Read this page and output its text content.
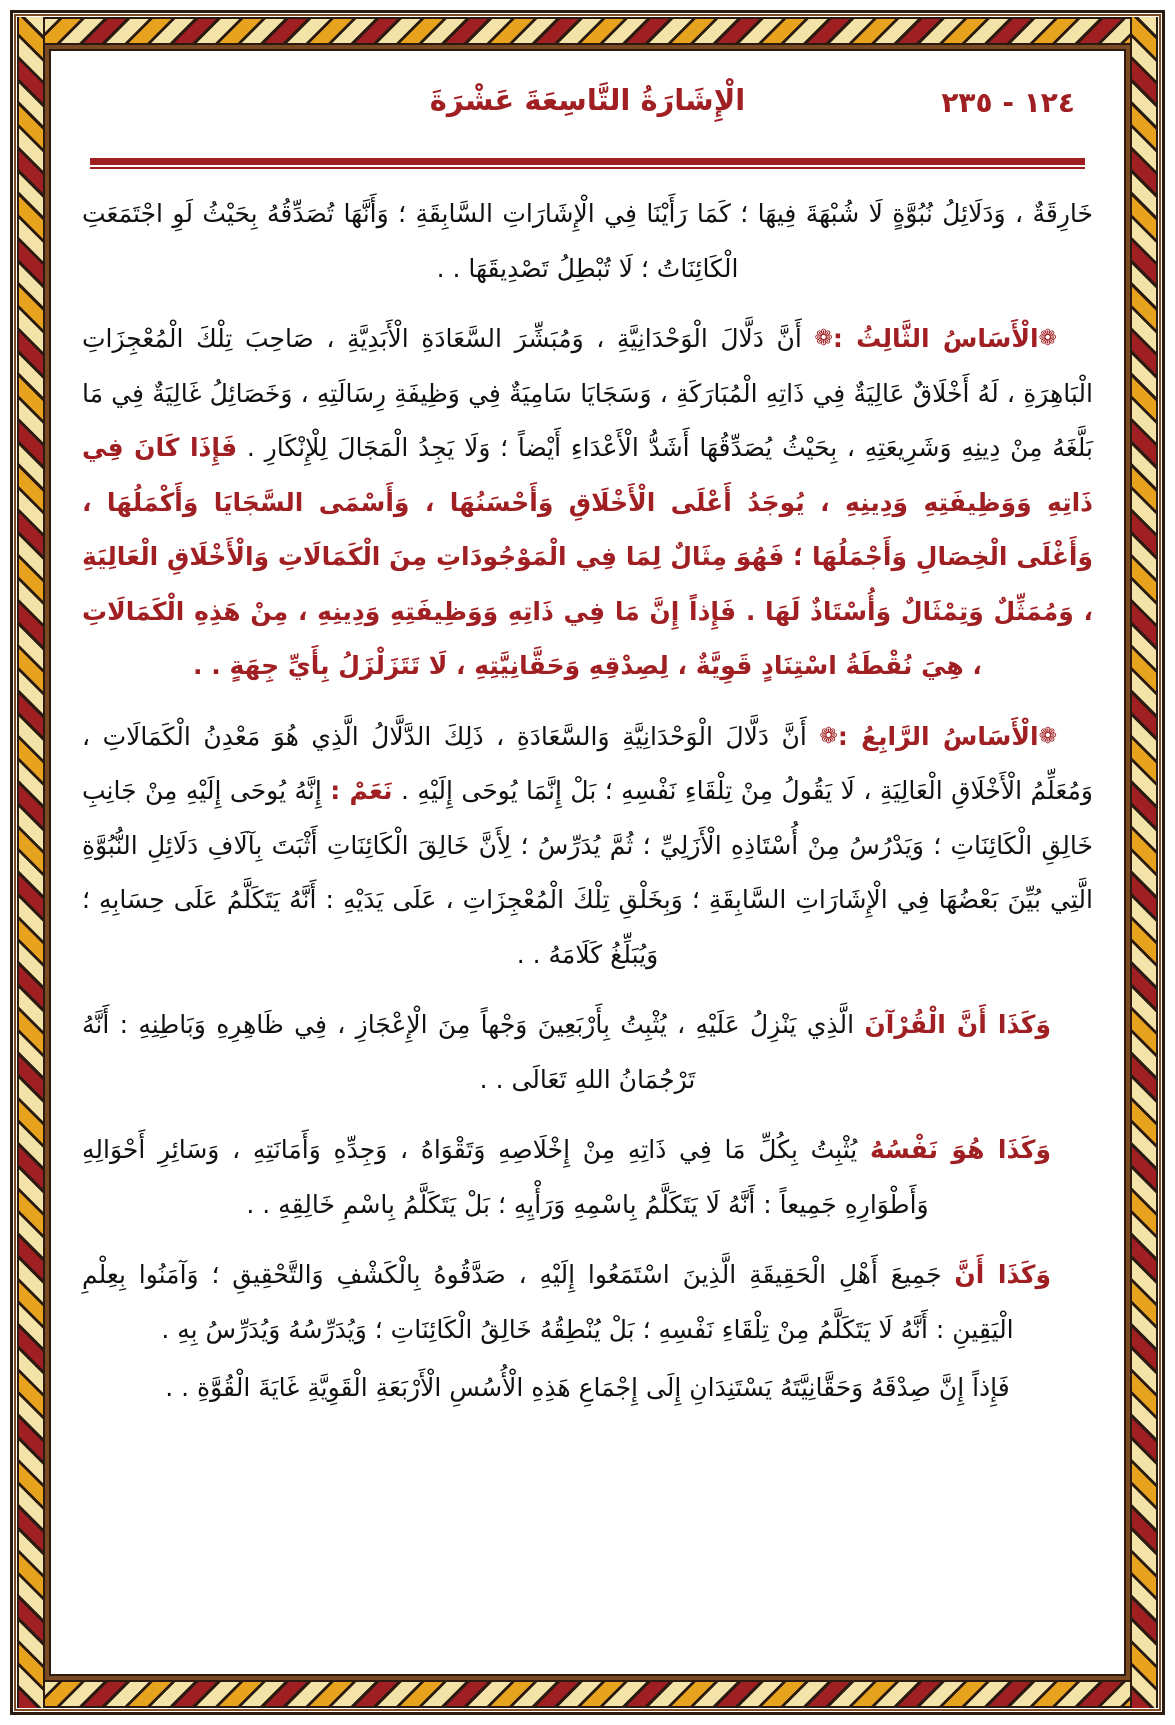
الْإِشَارَةُ التَّاسِعَةَ عَشْرَةَ	١٢٤ - ٢٣٥

خَارِقَةٌ ، وَدَلَائِلُ نُبُوَّةٍ لَا شُبْهَةَ فِيهَا ؛ كَمَا رَأَيْنَا فِي الْإِشَارَاتِ السَّابِقَةِ ؛ وَأَنَّهَا تُصَدِّقُهُ بِحَيْثُ لَوِ اجْتَمَعَتِ الْكَائِنَاتُ ؛ لَا تُبْطِلُ تَصْدِيقَهَا . .

❁الْأَسَاسُ الثَّالِثُ :❁ أَنَّ دَلَّالَ الْوَحْدَانِيَّةِ ، وَمُبَشِّرَ السَّعَادَةِ الْأَبَدِيَّةِ ، صَاحِبَ تِلْكَ الْمُعْجِزَاتِ الْبَاهِرَةِ ، لَهُ أَخْلَاقٌ عَالِيَةٌ فِي ذَاتِهِ الْمُبَارَكَةِ ، وَسَجَايَا سَامِيَةٌ فِي وَظِيفَةِ رِسَالَتِهِ ، وَخَصَائِلُ غَالِيَةٌ فِي مَا بَلَّغَهُ مِنْ دِينِهِ وَشَرِيعَتِهِ ، بِحَيْثُ يُصَدِّقُهَا أَشَدُّ الْأَعْدَاءِ أَيْضاً ؛ وَلَا يَجِدُ الْمَجَالَ لِلْإِنْكَارِ . فَإِذَا كَانَ فِي ذَاتِهِ وَوَظِيفَتِهِ وَدِينِهِ ، يُوجَدُ أَعْلَى الْأَخْلَاقِ وَأَحْسَنُهَا ، وَأَسْمَى السَّجَايَا وَأَكْمَلُهَا ، وَأَغْلَى الْخِصَالِ وَأَجْمَلُهَا ؛ فَهُوَ مِثَالٌ لِمَا فِي الْمَوْجُودَاتِ مِنَ الْكَمَالَاتِ وَالْأَخْلَاقِ الْعَالِيَةِ ، وَمُمَثِّلٌ وَتِمْثَالٌ وَأُسْتَاذٌ لَهَا . فَإِذاً إِنَّ مَا فِي ذَاتِهِ وَوَظِيفَتِهِ وَدِينِهِ ، مِنْ هَذِهِ الْكَمَالَاتِ ، هِيَ نُقْطَةُ اسْتِنَادٍ قَوِيَّةٌ ، لِصِدْقِهِ وَحَقَّانِيَّتِهِ ، لَا تَتَزَلْزَلُ بِأَيِّ جِهَةٍ . .

❁الْأَسَاسُ الرَّابِعُ :❁ أَنَّ دَلَّالَ الْوَحْدَانِيَّةِ وَالسَّعَادَةِ ، ذَلِكَ الدَّلَّالُ الَّذِي هُوَ مَعْدِنُ الْكَمَالَاتِ ، وَمُعَلِّمُ الْأَخْلَاقِ الْعَالِيَةِ ، لَا يَقُولُ مِنْ تِلْقَاءِ نَفْسِهِ ؛ بَلْ إِنَّمَا يُوحَى إِلَيْهِ . نَعَمْ : إِنَّهُ يُوحَى إِلَيْهِ مِنْ جَانِبِ خَالِقِ الْكَائِنَاتِ ؛ وَيَدْرُسُ مِنْ أُسْتَاذِهِ الْأَزَلِيِّ ؛ ثُمَّ يُدَرِّسُ ؛ لِأَنَّ خَالِقَ الْكَائِنَاتِ أَثْبَتَ بِآلَافِ دَلَائِلِ النُّبُوَّةِ الَّتِي بُيِّنَ بَعْضُهَا فِي الْإِشَارَاتِ السَّابِقَةِ ؛ وَبِخَلْقِ تِلْكَ الْمُعْجِزَاتِ ، عَلَى يَدَيْهِ : أَنَّهُ يَتَكَلَّمُ عَلَى حِسَابِهِ ؛ وَيُبَلِّغُ كَلَامَهُ . .

وَكَذَا أَنَّ الْقُرْآنَ الَّذِي يَنْزِلُ عَلَيْهِ ، يُثْبِتُ بِأَرْبَعِينَ وَجْهاً مِنَ الْإِعْجَازِ ، فِي ظَاهِرِهِ وَبَاطِنِهِ : أَنَّهُ تَرْجُمَانُ اللهِ تَعَالَى . .

وَكَذَا هُوَ نَفْسُهُ يُثْبِتُ بِكُلِّ مَا فِي ذَاتِهِ مِنْ إِخْلَاصِهِ وَتَقْوَاهُ ، وَجِدِّهِ وَأَمَانَتِهِ ، وَسَائِرِ أَحْوَالِهِ وَأَطْوَارِهِ جَمِيعاً : أَنَّهُ لَا يَتَكَلَّمُ بِاسْمِهِ وَرَأْيِهِ ؛ بَلْ يَتَكَلَّمُ بِاسْمِ خَالِقِهِ . .

وَكَذَا أَنَّ جَمِيعَ أَهْلِ الْحَقِيقَةِ الَّذِينَ اسْتَمَعُوا إِلَيْهِ ، صَدَّقُوهُ بِالْكَشْفِ وَالتَّحْقِيقِ ؛ وَآمَنُوا بِعِلْمِ الْيَقِينِ : أَنَّهُ لَا يَتَكَلَّمُ مِنْ تِلْقَاءِ نَفْسِهِ ؛ بَلْ يُنْطِقُهُ خَالِقُ الْكَائِنَاتِ ؛ وَيُدَرِّسُهُ وَيُدَرِّسُ بِهِ .

فَإِذاً إِنَّ صِدْقَهُ وَحَقَّانِيَّتَهُ يَسْتَنِدَانِ إِلَى إِجْمَاعِ هَذِهِ الْأُسُسِ الْأَرْبَعَةِ الْقَوِيَّةِ غَايَةَ الْقُوَّةِ . .
